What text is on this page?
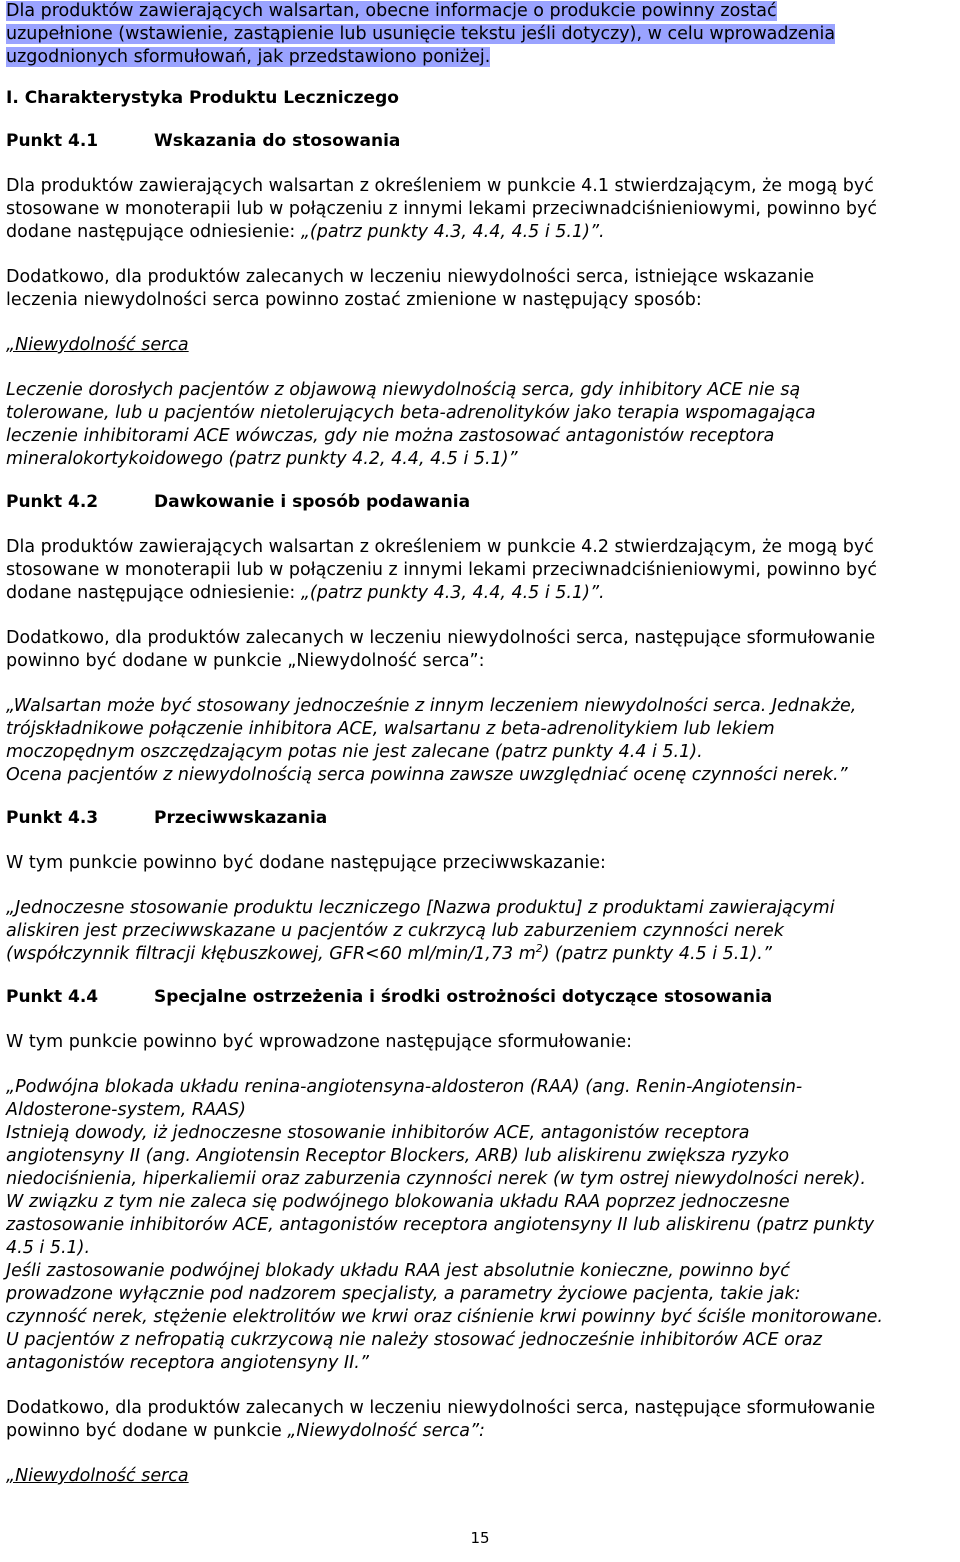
Dla produktów zawierających walsartan, obecne informacje o produkcie powinny zostać
uzupełnione (wstawienie, zastąpienie lub usunięcie tekstu jeśli dotyczy), w celu wprowadzenia
uzgodnionych sformułowań, jak przedstawiono poniżej.
I. Charakterystyka Produktu Leczniczego
Punkt 4.1	Wskazania do stosowania
Dla produktów zawierających walsartan z określeniem w punkcie 4.1 stwierdzającym, że mogą być
stosowane w monoterapii lub w połączeniu z innymi lekami przeciwnadciśnieniowymi, powinno być
dodane następujące odniesienie: „(patrz punkty 4.3, 4.4, 4.5 i 5.1)”.
Dodatkowo, dla produktów zalecanych w leczeniu niewydolności serca, istniejące wskazanie
leczenia niewydolności serca powinno zostać zmienione w następujący sposób:
„Niewydolność serca
Leczenie dorosłych pacjentów z objawową niewydolnością serca, gdy inhibitory ACE nie są
tolerowane, lub u pacjentów nietolerujących beta-adrenolityków jako terapia wspomagająca
leczenie inhibitorami ACE wówczas, gdy nie można zastosować antagonistów receptora
mineralokortykoidowego (patrz punkty 4.2, 4.4, 4.5 i 5.1)”
Punkt 4.2	Dawkowanie i sposób podawania
Dla produktów zawierających walsartan z określeniem w punkcie 4.2 stwierdzającym, że mogą być
stosowane w monoterapii lub w połączeniu z innymi lekami przeciwnadciśnieniowymi, powinno być
dodane następujące odniesienie: „(patrz punkty 4.3, 4.4, 4.5 i 5.1)”.
Dodatkowo, dla produktów zalecanych w leczeniu niewydolności serca, następujące sformułowanie
powinno być dodane w punkcie „Niewydolność serca”:
„Walsartan może być stosowany jednocześnie z innym leczeniem niewydolności serca. Jednakże,
trójskładnikowe połączenie inhibitora ACE, walsartanu z beta-adrenolitykiem lub lekiem
moczopędnym oszczędzającym potas nie jest zalecane (patrz punkty 4.4 i 5.1).
Ocena pacjentów z niewydolnością serca powinna zawsze uwzględniać ocenę czynności nerek.”
Punkt 4.3	Przeciwwskazania
W tym punkcie powinno być dodane następujące przeciwwskazanie:
„Jednoczesne stosowanie produktu leczniczego [Nazwa produktu] z produktami zawierającymi
aliskiren jest przeciwwskazane u pacjentów z cukrzycą lub zaburzeniem czynności nerek
(współczynnik filtracji kłębuszkowej, GFR<60 ml/min/1,73 $m^2$) (patrz punkty 4.5 i 5.1).”
Punkt 4.4	Specjalne ostrzeżenia i środki ostrożności dotyczące stosowania
W tym punkcie powinno być wprowadzone następujące sformułowanie:
„Podwójna blokada układu renina-angiotensyna-aldosteron (RAA) (ang. Renin-Angiotensin-
Aldosterone-system, RAAS)
Istnieją dowody, iż jednoczesne stosowanie inhibitorów ACE, antagonistów receptora
angiotensyny II (ang. Angiotensin Receptor Blockers, ARB) lub aliskirenu zwiększa ryzyko
niedociśnienia, hiperkaliemii oraz zaburzenia czynności nerek (w tym ostrej niewydolności nerek).
W związku z tym nie zaleca się podwójnego blokowania układu RAA poprzez jednoczesne
zastosowanie inhibitorów ACE, antagonistów receptora angiotensyny II lub aliskirenu (patrz punkty
4.5 i 5.1).
Jeśli zastosowanie podwójnej blokady układu RAA jest absolutnie konieczne, powinno być
prowadzone wyłącznie pod nadzorem specjalisty, a parametry życiowe pacjenta, takie jak:
czynność nerek, stężenie elektrolitów we krwi oraz ciśnienie krwi powinny być ściśle monitorowane.
U pacjentów z nefropatią cukrzycową nie należy stosować jednocześnie inhibitorów ACE oraz
antagonistów receptora angiotensyny II.”
Dodatkowo, dla produktów zalecanych w leczeniu niewydolności serca, następujące sformułowanie
powinno być dodane w punkcie „Niewydolność serca”:
„Niewydolność serca
15
